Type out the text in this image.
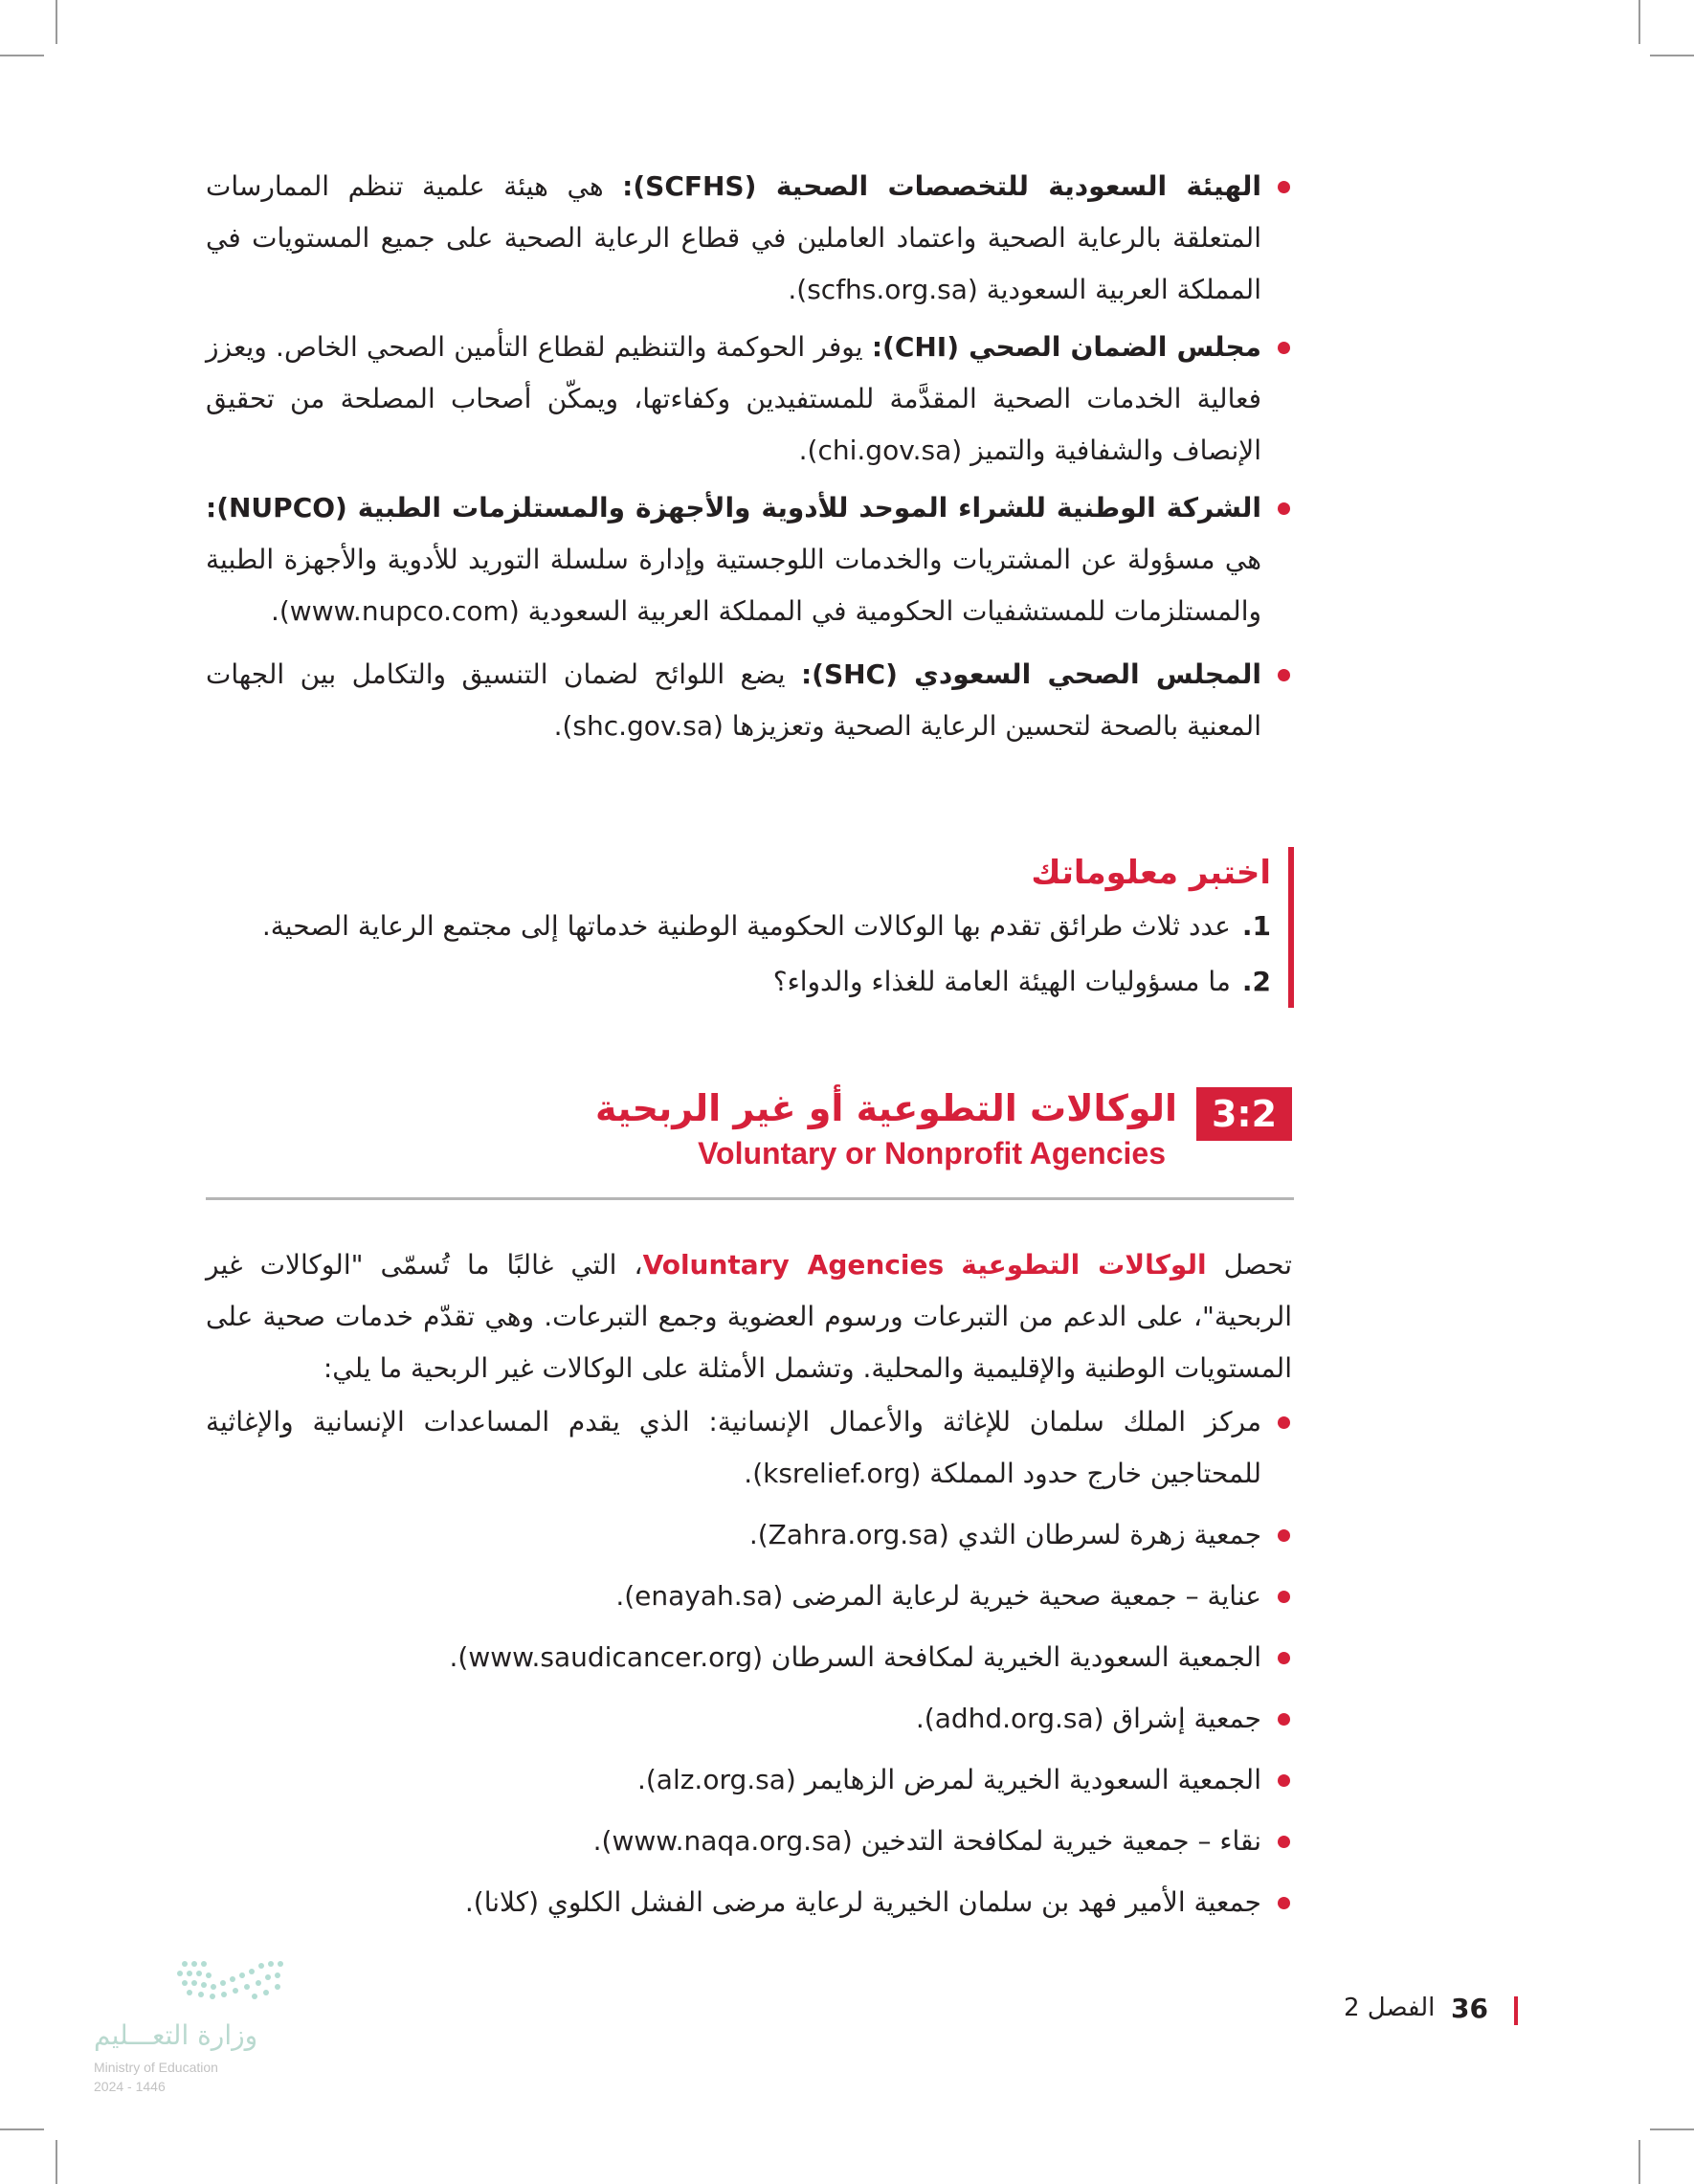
الهيئة السعودية للتخصصات الصحية (SCFHS): هي هيئة علمية تنظم الممارسات المتعلقة بالرعاية الصحية واعتماد العاملين في قطاع الرعاية الصحية على جميع المستويات في المملكة العربية السعودية (scfhs.org.sa).

مجلس الضمان الصحي (CHI): يوفر الحوكمة والتنظيم لقطاع التأمين الصحي الخاص. ويعزز فعالية الخدمات الصحية المقدَّمة للمستفيدين وكفاءتها، ويمكّن أصحاب المصلحة من تحقيق الإنصاف والشفافية والتميز (chi.gov.sa).

الشركة الوطنية للشراء الموحد للأدوية والأجهزة والمستلزمات الطبية (NUPCO): هي مسؤولة عن المشتريات والخدمات اللوجستية وإدارة سلسلة التوريد للأدوية والأجهزة الطبية والمستلزمات للمستشفيات الحكومية في المملكة العربية السعودية (www.nupco.com).

المجلس الصحي السعودي (SHC): يضع اللوائح لضمان التنسيق والتكامل بين الجهات المعنية بالصحة لتحسين الرعاية الصحية وتعزيزها (shc.gov.sa).

اختبر معلوماتك
1.عدد ثلاث طرائق تقدم بها الوكالات الحكومية الوطنية خدماتها إلى مجتمع الرعاية الصحية.
2.ما مسؤوليات الهيئة العامة للغذاء والدواء؟
3:2
الوكالات التطوعية أو غير الربحية
Voluntary or Nonprofit Agencies

تحصل الوكالات التطوعية Voluntary Agencies، التي غالبًا ما تُسمّى "الوكالات غير الربحية"، على الدعم من التبرعات ورسوم العضوية وجمع التبرعات. وهي تقدّم خدمات صحية على المستويات الوطنية والإقليمية والمحلية. وتشمل الأمثلة على الوكالات غير الربحية ما يلي:

مركز الملك سلمان للإغاثة والأعمال الإنسانية: الذي يقدم المساعدات الإنسانية والإغاثية للمحتاجين خارج حدود المملكة (ksrelief.org).

جمعية زهرة لسرطان الثدي (Zahra.org.sa).

عناية – جمعية صحية خيرية لرعاية المرضى (enayah.sa).

الجمعية السعودية الخيرية لمكافحة السرطان (www.saudicancer.org).

جمعية إشراق (adhd.org.sa).

الجمعية السعودية الخيرية لمرض الزهايمر (alz.org.sa).

نقاء – جمعية خيرية لمكافحة التدخين (www.naqa.org.sa).

جمعية الأمير فهد بن سلمان الخيرية لرعاية مرضى الفشل الكلوي (كلانا).

وزارة التعـــليم
Ministry of Education
2024 - 1446
الفصل 2 36
